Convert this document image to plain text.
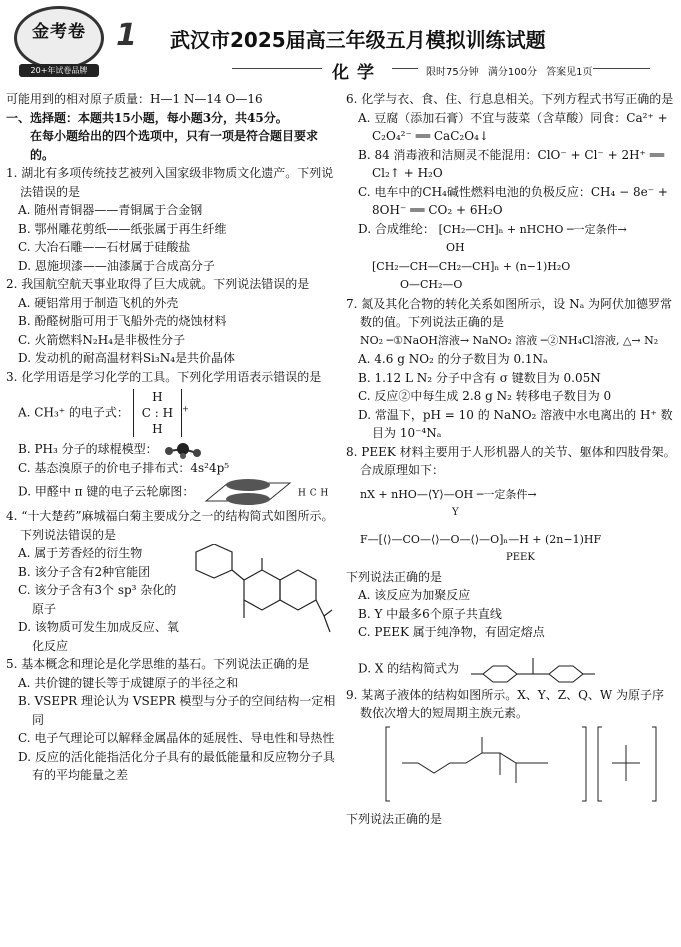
金考卷
20+年试卷品牌
1 武汉市2025届高三年级五月模拟训练试题
化学	限时75分钟 满分100分 答案见1页

可能用到的相对原子质量：H—1 N—14 O—16

一、选择题：本题共15小题，每小题3分，共45分。

在每小题给出的四个选项中，只有一项是符合题目要求的。

1. 湖北有多项传统技艺被列入国家级非物质文化遗产。下列说法错误的是

A. 随州青铜器——青铜属于合金钢

B. 鄂州雕花剪纸——纸张属于再生纤维

C. 大冶石雕——石材属于硅酸盐

D. 恩施坝漆——油漆属于合成高分子

2. 我国航空航天事业取得了巨大成就。下列说法错误的是

A. 硬铝常用于制造飞机的外壳

B. 酚醛树脂可用于飞船外壳的烧蚀材料

C. 火箭燃料N₂H₄是非极性分子

D. 发动机的耐高温材料Si₃N₄是共价晶体

3. 化学用语是学习化学的工具。下列化学用语表示错误的是

A. CH₃⁺ 的电子式：
H
C : H
H
+

B. PH₃ 分子的球棍模型：

C. 基态溴原子的价电子排布式：4s²4p⁵

D. 甲醛中 π 键的电子云轮廓图：	H C H

4. “十大楚药”麻城福白菊主要成分之一的结构简式如图所示。下列说法错误的是

A. 属于芳香烃的衍生物

B. 该分子含有2种官能团

C. 该分子含有3个 sp³ 杂化的原子

D. 该物质可发生加成反应、氧化反应

5. 基本概念和理论是化学思维的基石。下列说法正确的是

A. 共价键的键长等于成键原子的半径之和

B. VSEPR 理论认为 VSEPR 模型与分子的空间结构一定相同

C. 电子气理论可以解释金属晶体的延展性、导电性和导热性

D. 反应的活化能指活化分子具有的最低能量和反应物分子具有的平均能量之差

6. 化学与衣、食、住、行息息相关。下列方程式书写正确的是

A. 豆腐（添加石膏）不宜与菠菜（含草酸）同食：Ca²⁺ + C₂O₄²⁻ ══ CaC₂O₄↓

B. 84 消毒液和洁厕灵不能混用：ClO⁻ + Cl⁻ + 2H⁺ ══ Cl₂↑ + H₂O

C. 电车中的CH₄碱性燃料电池的负极反应：CH₄ − 8e⁻ + 8OH⁻ ══ CO₂ + 6H₂O

D. 合成维纶： [CH₂—CH]ₙ + nHCHO ─一定条件→

OH

[CH₂—CH—CH₂—CH]ₙ + (n−1)H₂O

O—CH₂—O

7. 氮及其化合物的转化关系如图所示，设 Nₐ 为阿伏加德罗常数的值。下列说法正确的是

NO₂ ─①NaOH溶液→ NaNO₂ 溶液 ─②NH₄Cl溶液, △→ N₂

A. 4.6 g NO₂ 的分子数目为 0.1Nₐ

B. 1.12 L N₂ 分子中含有 σ 键数目为 0.05N

C. 反应②中每生成 2.8 g N₂ 转移电子数目为 0

D. 常温下，pH = 10 的 NaNO₂ 溶液中水电离出的 H⁺ 数目为 10⁻⁴Nₐ

8. PEEK 材料主要用于人形机器人的关节、躯体和四肢骨架。合成原理如下：

nX + nHO—⟨Y⟩—OH ─一定条件→

Y

F—[⟨⟩—CO—⟨⟩—O—⟨⟩—O]ₙ—H + (2n−1)HF

PEEK

下列说法正确的是

A. 该反应为加聚反应

B. Y 中最多6个原子共直线

C. PEEK 属于纯净物，有固定熔点

D. X 的结构简式为

9. 某离子液体的结构如图所示。X、Y、Z、Q、W 为原子序数依次增大的短周期主族元素。

下列说法正确的是
